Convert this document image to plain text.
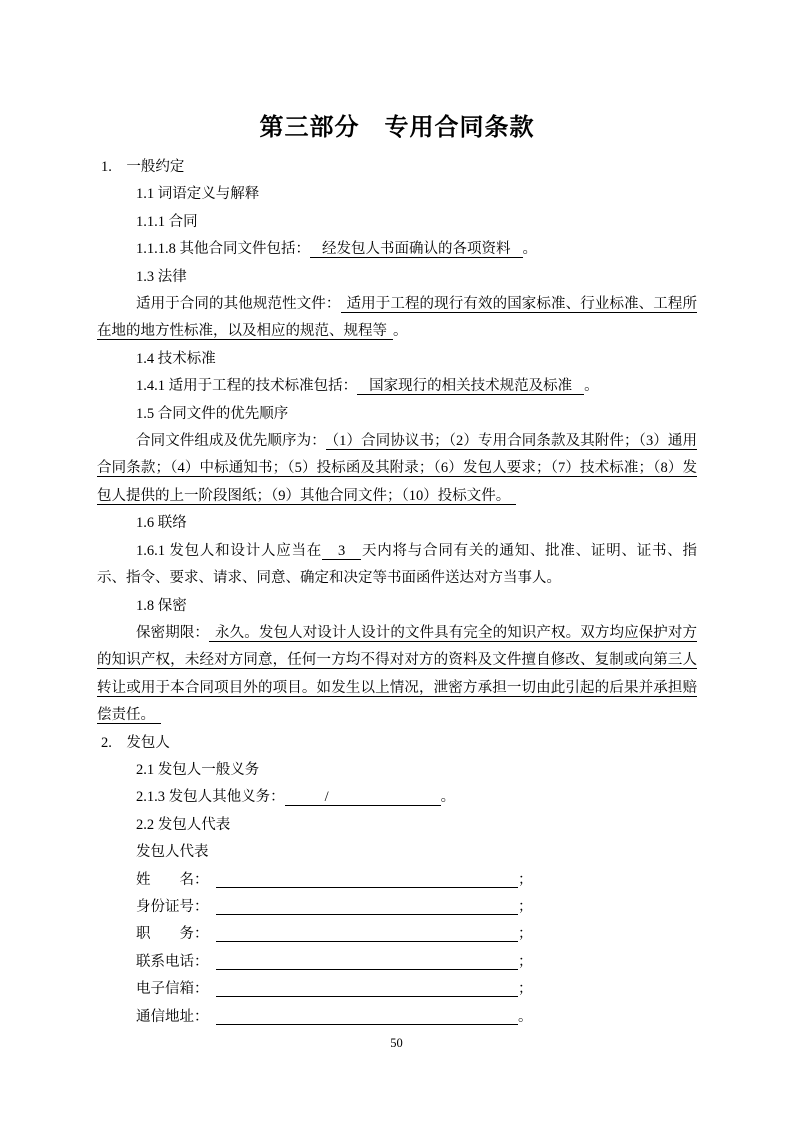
第三部分　专用合同条款

1.　一般约定

1.1 词语定义与解释

1.1.1 合同

1.1.1.8 其他合同文件包括： 经发包人书面确认的各项资料 。

1.3 法律

适用于合同的其他规范性文件： 适用于工程的现行有效的国家标准、行业标准、工程所在地的地方性标准，以及相应的规范、规程等 。

1.4 技术标准

1.4.1 适用于工程的技术标准包括： 国家现行的相关技术规范及标准 。

1.5 合同文件的优先顺序

合同文件组成及优先顺序为： （1）合同协议书；（2）专用合同条款及其附件；（3）通用合同条款；（4）中标通知书；（5）投标函及其附录；（6）发包人要求；（7）技术标准；（8）发包人提供的上一阶段图纸；（9）其他合同文件；（10）投标文件。

1.6 联络

1.6.1 发包人和设计人应当在 3 天内将与合同有关的通知、批准、证明、证书、指示、指令、要求、请求、同意、确定和决定等书面函件送达对方当事人。

1.8 保密

保密期限： 永久。发包人对设计人设计的文件具有完全的知识产权。双方均应保护对方的知识产权，未经对方同意，任何一方均不得对对方的资料及文件擅自修改、复制或向第三人转让或用于本合同项目外的项目。如发生以上情况，泄密方承担一切由此引起的后果并承担赔偿责任。

2.　发包人

2.1 发包人一般义务

2.1.3 发包人其他义务：	/	。

2.2 发包人代表

发包人代表

姓　　名：	；
身份证号：	；
职　　务：	；
联系电话：	；
电子信箱：	；
通信地址：	。
50
